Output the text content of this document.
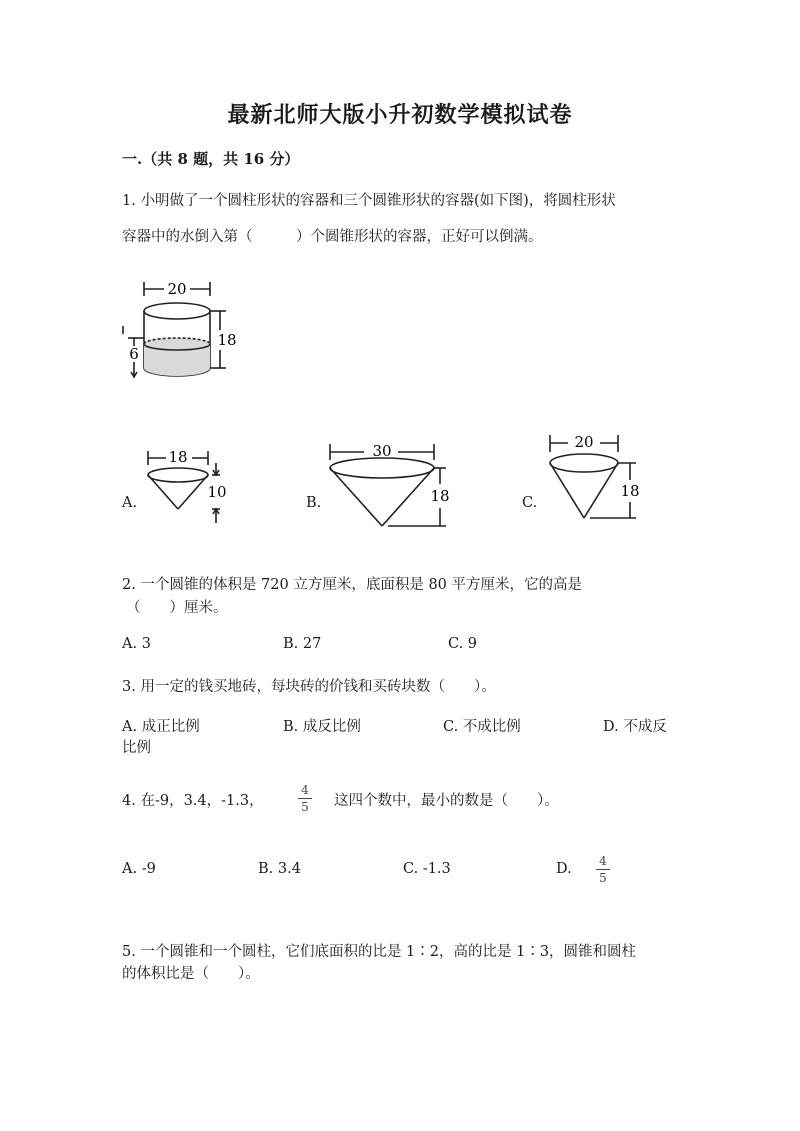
最新北师大版小升初数学模拟试卷
一.（共 8 题，共 16 分）
1. 小明做了一个圆柱形状的容器和三个圆锥形状的容器(如下图)，将圆柱形状
容器中的水倒入第（　　　）个圆锥形状的容器，正好可以倒满。
20
18
6
A.
18
10
B.
30
18	C.
20
18
2. 一个圆锥的体积是 720 立方厘米，底面积是 80 平方厘米，它的高是
（　　）厘米。
A. 3	B. 27	C. 9
3. 用一定的钱买地砖，每块砖的价钱和买砖块数（　　）。
A. 成正比例	B. 成反比例	C. 不成比例	D. 不成反
比例
4. 在-9，3.4，-1.3，
4
5 这四个数中，最小的数是（　　）。
A. -9	B. 3.4	C. -1.3	D. 4
5
5. 一个圆锥和一个圆柱，它们底面积的比是 1∶2，高的比是 1∶3，圆锥和圆柱
的体积比是（　　）。
